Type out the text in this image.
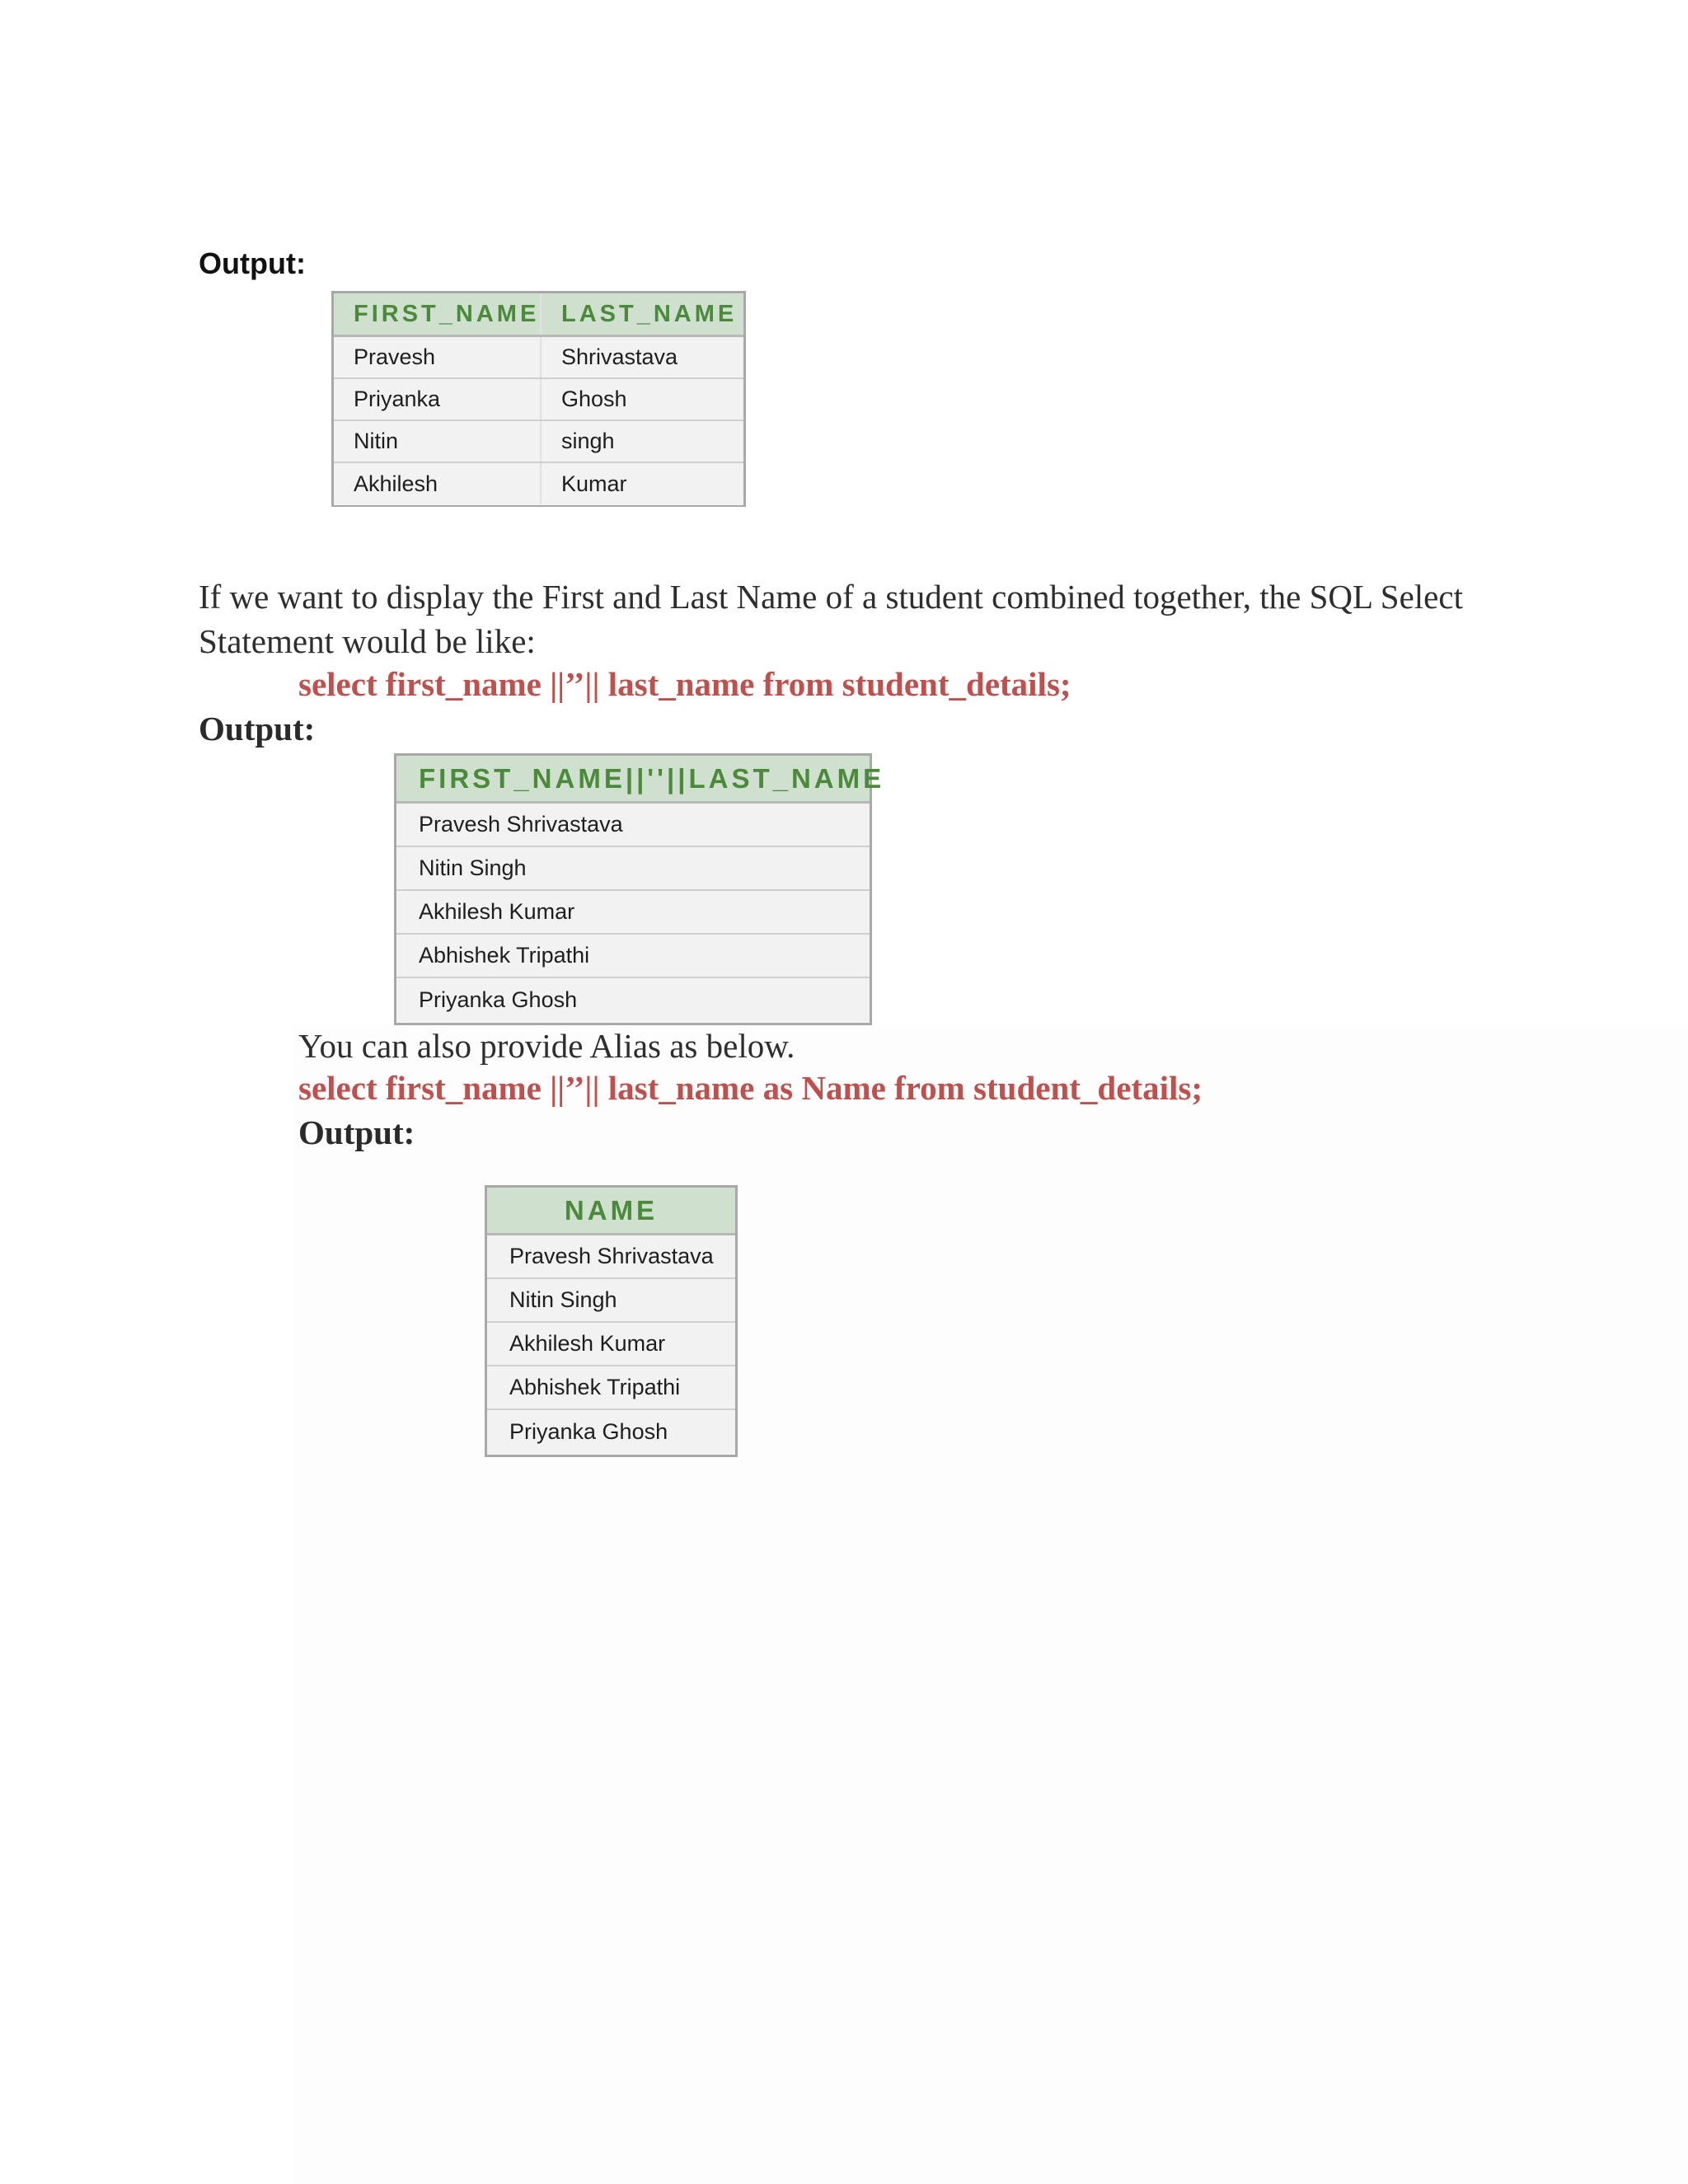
Output:
FIRST_NAME LAST_NAME
Pravesh	Shrivastava
Priyanka	Ghosh
Nitin	singh
Akhilesh	Kumar
If we want to display the First and Last Name of a student combined together, the SQL Select
Statement would be like:
select first_name ||’’|| last_name from student_details;
Output:
FIRST_NAME||''||LAST_NAME
Pravesh Shrivastava
Nitin Singh
Akhilesh Kumar
Abhishek Tripathi
Priyanka Ghosh
You can also provide Alias as below.
select first_name ||’’|| last_name as Name from student_details;
Output:
NAME
Pravesh Shrivastava
Nitin Singh
Akhilesh Kumar
Abhishek Tripathi
Priyanka Ghosh
